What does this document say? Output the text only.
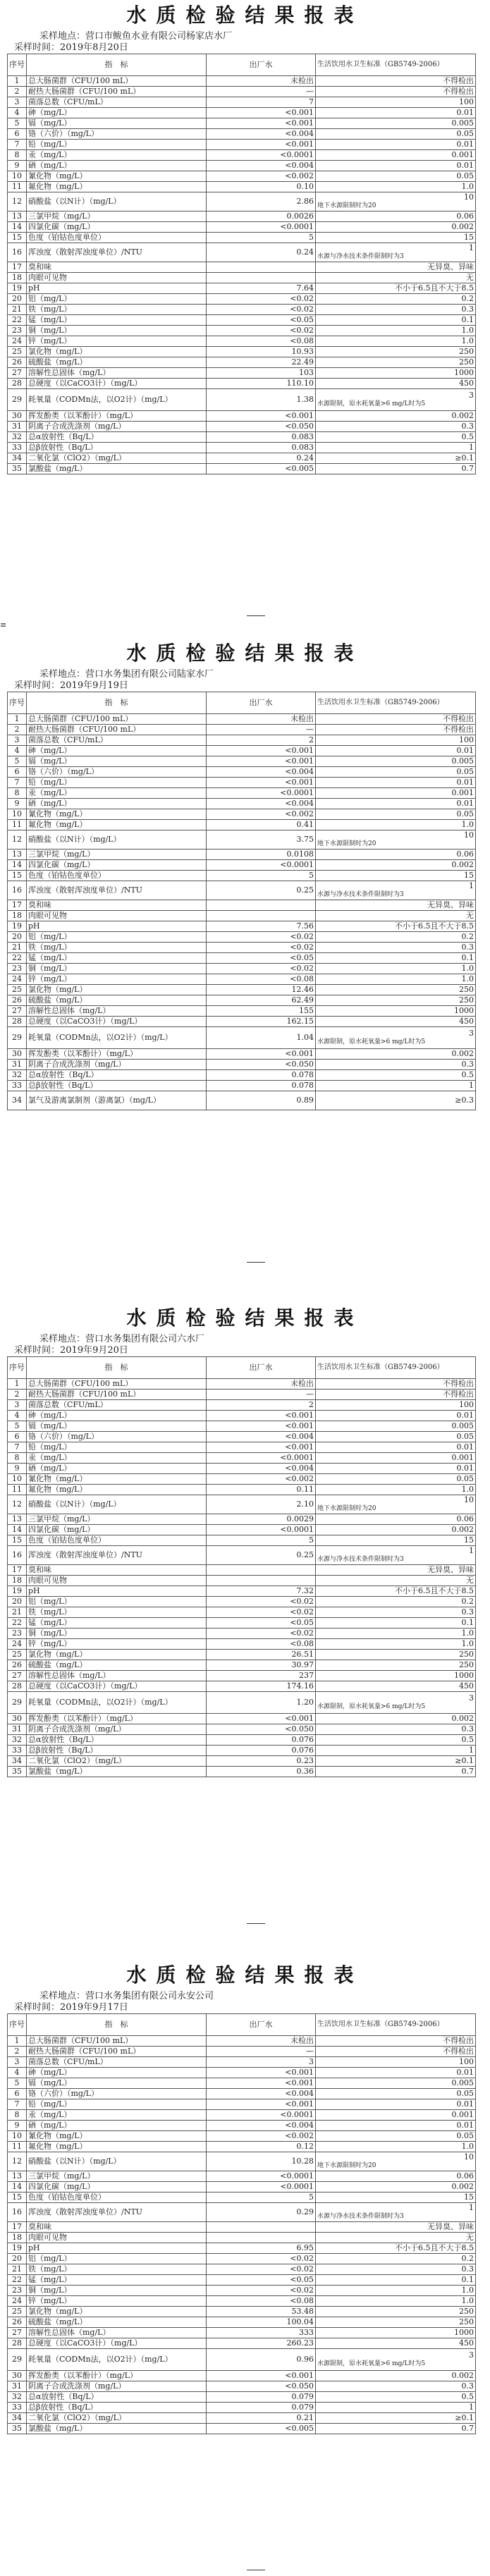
水质检验结果报表
采样地点：营口市鲅鱼水业有限公司杨家店水厂
采样时间：2019年8月20日
序号	指　标	出厂水	生活饮用水卫生标准（GB5749-2006）
1	总大肠菌群（CFU/100 mL）	未检出	不得检出
2	耐热大肠菌群（CFU/100 mL）	—	不得检出
3	菌落总数（CFU/mL）	7	100
4	砷（mg/L）	<0.001	0.01
5	镉（mg/L）	<0.001	0.005
6	铬（六价）（mg/L）	<0.004	0.05
7	铅（mg/L）	<0.001	0.01
8	汞（mg/L）	<0.0001	0.001
9	硒（mg/L）	<0.004	0.01
10	氰化物（mg/L）	<0.002	0.05
11	氟化物（mg/L）	0.10	1.0
12	硝酸盐（以N计）（mg/L）	2.86	10
地下水源限制时为20

13	三氯甲烷（mg/L）	0.0026	0.06
14	四氯化碳（mg/L）	<0.0001	0.002
15	色度（铂钴色度单位）	5	15
16	浑浊度（散射浑浊度单位）/NTU	0.24	1
水源与净水技术条件限制时为3

17	臭和味		无异臭、异味
18	肉眼可见物		无
19	pH	7.64	不小于6.5且不大于8.5
20	铝（mg/L）	<0.02	0.2
21	铁（mg/L）	<0.02	0.3
22	锰（mg/L）	<0.05	0.1
23	铜（mg/L）	<0.02	1.0
24	锌（mg/L）	<0.08	1.0
25	氯化物（mg/L）	10.93	250
26	硫酸盐（mg/L）	22.49	250
27	溶解性总固体（mg/L）	103	1000
28	总硬度（以CaCO3计）（mg/L）	110.10	450
29	耗氧量（CODMn法，以O2计）（mg/L）	1.38	3
水源限制，原水耗氧量>6 mg/L时为5

30	挥发酚类（以苯酚计）（mg/L）	<0.001	0.002
31	阴离子合成洗涤剂（mg/L）	<0.050	0.3
32	总α放射性（Bq/L）	0.083	0.5
33	总β放射性（Bq/L）	0.083	1
34	二氧化氯（ClO2）（mg/L）	0.24	≥0.1
35	氯酸盐（mg/L）	<0.005	0.7
≡
水质检验结果报表
采样地点：营口水务集团有限公司陆家水厂
采样时间：2019年9月19日
序号	指　标	出厂水	生活饮用水卫生标准（GB5749-2006）
1	总大肠菌群（CFU/100 mL）	未检出	不得检出
2	耐热大肠菌群（CFU/100 mL）	—	不得检出
3	菌落总数（CFU/mL）	2	100
4	砷（mg/L）	<0.001	0.01
5	镉（mg/L）	<0.001	0.005
6	铬（六价）（mg/L）	<0.004	0.05
7	铅（mg/L）	<0.001	0.01
8	汞（mg/L）	<0.0001	0.001
9	硒（mg/L）	<0.004	0.01
10	氰化物（mg/L）	<0.002	0.05
11	氟化物（mg/L）	0.41	1.0
12	硝酸盐（以N计）（mg/L）	3.75	10
地下水源限制时为20

13	三氯甲烷（mg/L）	0.0108	0.06
14	四氯化碳（mg/L）	<0.0001	0.002
15	色度（铂钴色度单位）	5	15
16	浑浊度（散射浑浊度单位）/NTU	0.25	1
水源与净水技术条件限制时为3

17	臭和味		无异臭、异味
18	肉眼可见物		无
19	pH	7.56	不小于6.5且不大于8.5
20	铝（mg/L）	<0.02	0.2
21	铁（mg/L）	<0.02	0.3
22	锰（mg/L）	<0.05	0.1
23	铜（mg/L）	<0.02	1.0
24	锌（mg/L）	<0.08	1.0
25	氯化物（mg/L）	12.46	250
26	硫酸盐（mg/L）	62.49	250
27	溶解性总固体（mg/L）	155	1000
28	总硬度（以CaCO3计）（mg/L）	162.15	450
29	耗氧量（CODMn法，以O2计）（mg/L）	1.04	3
水源限制，原水耗氧量>6 mg/L时为5

30	挥发酚类（以苯酚计）（mg/L）	<0.001	0.002
31	阴离子合成洗涤剂（mg/L）	<0.050	0.3
32	总α放射性（Bq/L）	0.078	0.5
33	总β放射性（Bq/L）	0.078	1
34	氯气及游离氯制剂（游离氯）（mg/L）	0.89	≥0.3
水质检验结果报表
采样地点：营口水务集团有限公司六水厂
采样时间：2019年9月20日
序号	指　标	出厂水	生活饮用水卫生标准（GB5749-2006）
1	总大肠菌群（CFU/100 mL）	未检出	不得检出
2	耐热大肠菌群（CFU/100 mL）	—	不得检出
3	菌落总数（CFU/mL）	2	100
4	砷（mg/L）	<0.001	0.01
5	镉（mg/L）	<0.001	0.005
6	铬（六价）（mg/L）	<0.004	0.05
7	铅（mg/L）	<0.001	0.01
8	汞（mg/L）	<0.0001	0.001
9	硒（mg/L）	<0.004	0.01
10	氰化物（mg/L）	<0.002	0.05
11	氟化物（mg/L）	0.11	1.0
12	硝酸盐（以N计）（mg/L）	2.10	10
地下水源限制时为20

13	三氯甲烷（mg/L）	0.0029	0.06
14	四氯化碳（mg/L）	<0.0001	0.002
15	色度（铂钴色度单位）	5	15
16	浑浊度（散射浑浊度单位）/NTU	0.25	1
水源与净水技术条件限制时为3

17	臭和味		无异臭、异味
18	肉眼可见物		无
19	pH	7.32	不小于6.5且不大于8.5
20	铝（mg/L）	<0.02	0.2
21	铁（mg/L）	<0.02	0.3
22	锰（mg/L）	<0.05	0.1
23	铜（mg/L）	<0.02	1.0
24	锌（mg/L）	<0.08	1.0
25	氯化物（mg/L）	26.51	250
26	硫酸盐（mg/L）	30.97	250
27	溶解性总固体（mg/L）	237	1000
28	总硬度（以CaCO3计）（mg/L）	174.16	450
29	耗氧量（CODMn法，以O2计）（mg/L）	1.20	3
水源限制，原水耗氧量>6 mg/L时为5

30	挥发酚类（以苯酚计）（mg/L）	<0.001	0.002
31	阴离子合成洗涤剂（mg/L）	<0.050	0.3
32	总α放射性（Bq/L）	0.076	0.5
33	总β放射性（Bq/L）	0.076	1
34	二氧化氯（ClO2）（mg/L）	0.23	≥0.1
35	氯酸盐（mg/L）	0.36	0.7
水质检验结果报表
采样地点：营口水务集团有限公司永安公司
采样时间：2019年9月17日
序号	指　标	出厂水	生活饮用水卫生标准（GB5749-2006）
1	总大肠菌群（CFU/100 mL）	未检出	不得检出
2	耐热大肠菌群（CFU/100 mL）	—	不得检出
3	菌落总数（CFU/mL）	3	100
4	砷（mg/L）	<0.001	0.01
5	镉（mg/L）	<0.001	0.005
6	铬（六价）（mg/L）	<0.004	0.05
7	铅（mg/L）	<0.001	0.01
8	汞（mg/L）	<0.0001	0.001
9	硒（mg/L）	<0.004	0.01
10	氰化物（mg/L）	<0.002	0.05
11	氟化物（mg/L）	0.12	1.0
12	硝酸盐（以N计）（mg/L）	10.28	10
地下水源限制时为20

13	三氯甲烷（mg/L）	<0.0001	0.06
14	四氯化碳（mg/L）	<0.0001	0.002
15	色度（铂钴色度单位）	5	15
16	浑浊度（散射浑浊度单位）/NTU	0.29	1
水源与净水技术条件限制时为3

17	臭和味		无异臭、异味
18	肉眼可见物		无
19	pH	6.95	不小于6.5且不大于8.5
20	铝（mg/L）	<0.02	0.2
21	铁（mg/L）	<0.02	0.3
22	锰（mg/L）	<0.05	0.1
23	铜（mg/L）	<0.02	1.0
24	锌（mg/L）	<0.08	1.0
25	氯化物（mg/L）	53.48	250
26	硫酸盐（mg/L）	100.04	250
27	溶解性总固体（mg/L）	333	1000
28	总硬度（以CaCO3计）（mg/L）	260.23	450
29	耗氧量（CODMn法，以O2计）（mg/L）	0.96	3
水源限制，原水耗氧量>6 mg/L时为5

30	挥发酚类（以苯酚计）（mg/L）	<0.001	0.002
31	阴离子合成洗涤剂（mg/L）	<0.050	0.3
32	总α放射性（Bq/L）	0.079	0.5
33	总β放射性（Bq/L）	0.079	1
34	二氧化氯（ClO2）（mg/L）	0.21	≥0.1
35	氯酸盐（mg/L）	<0.005	0.7
